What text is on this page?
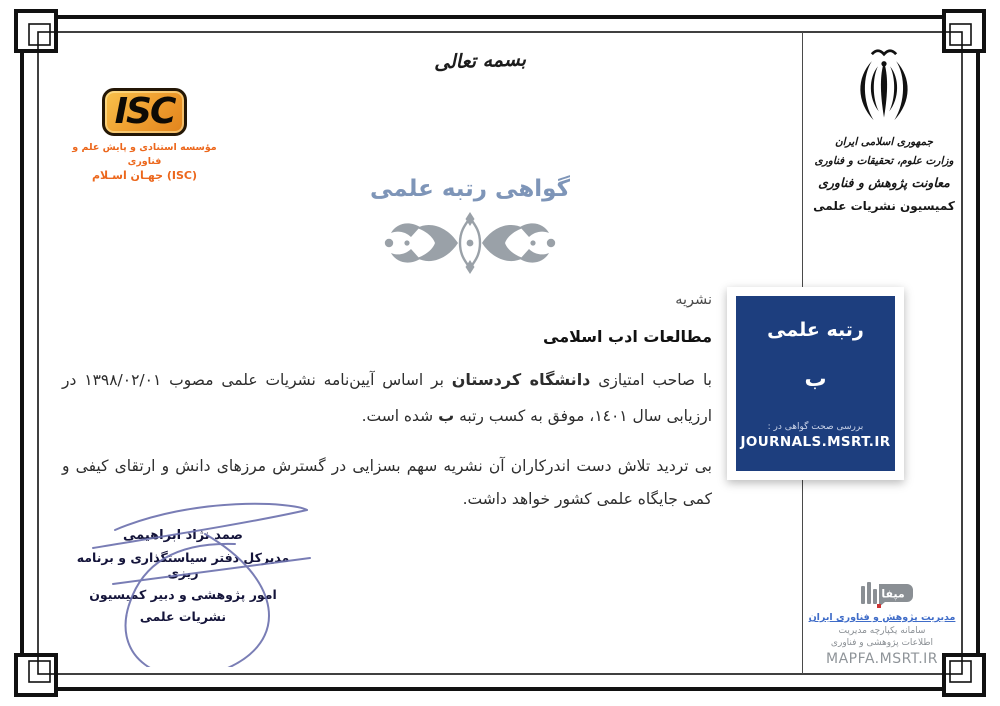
بسمه تعالی
ISC
مؤسسه استنادی و پایش علم و فناوری
جهـان اسـلام (ISC)
جمهوری اسلامی ایران
وزارت علوم، تحقیقات و فناوری
معاونت پژوهش و فناوری
کمیسیون نشریات علمی
گواهی رتبه علمی
نشریه
مطالعات ادب اسلامی
با صاحب امتیازی دانشگاه کردستان بر اساس آیین‌نامه نشریات علمی مصوب ۱۳۹۸/۰۲/۰۱ در ارزیابی سال ١٤٠١، موفق به کسب رتبه ب شده است.
بی تردید تلاش دست اندرکاران آن نشریه سهم بسزایی در گسترش مرزهای دانش و ارتقای کیفی و کمی جایگاه علمی کشور خواهد داشت.
رتبه علمی
ب
بررسی صحت گواهی در :
JOURNALS.MSRT.IR
صمد نژاد ابراهیمی
مدیرکل دفتر سیاستگذاری و برنامه ریزی
امور پژوهشی و دبیر کمیسیون
نشریات علمی
مپفا
مدیریت پژوهش و فناوری ایران
سامانه یکپارچه مدیریت
اطلاعات پژوهشی و فناوری
MAPFA.MSRT.IR
